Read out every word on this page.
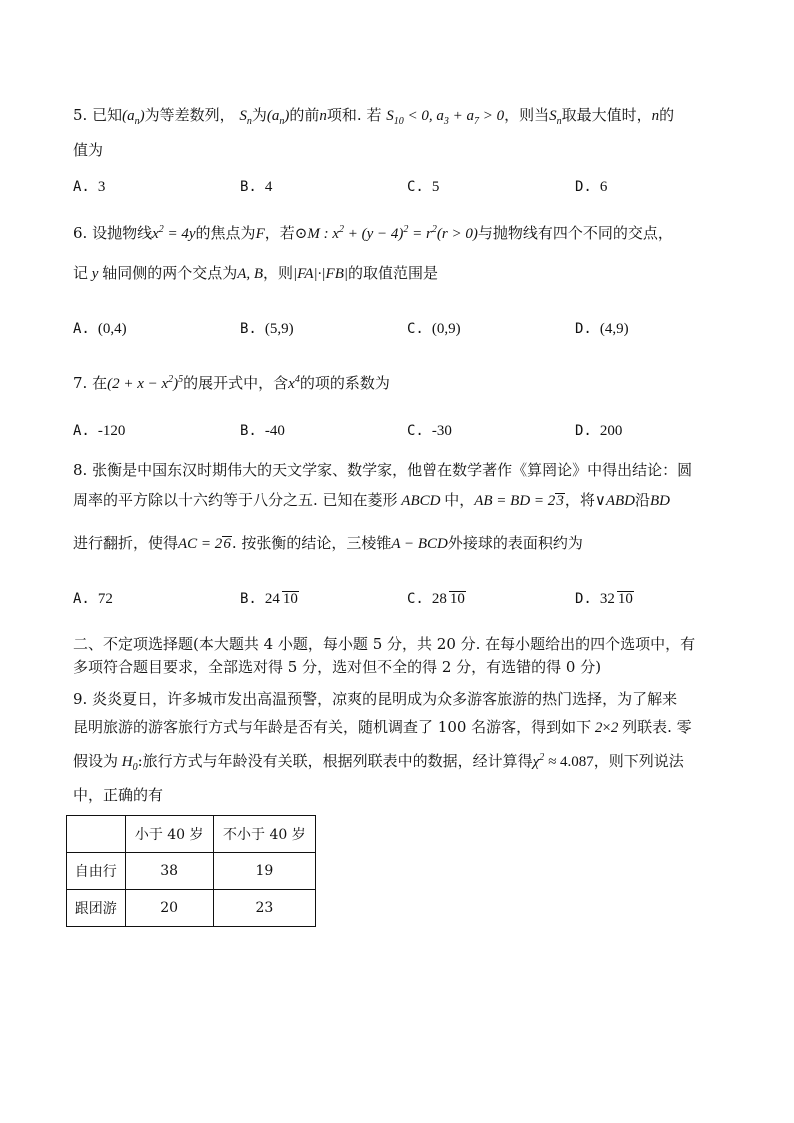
5. 已知$(a_n)$为等差数列， $S_n$为$(a_n)$的前n项和. 若 $S_{10} < 0$, $a_3 + a_7 > 0$，则当$S_n$取最大值时，n的
值为
A. 3	B. 4	C. 5	D. 6
6. 设抛物线$x^2 = 4y$的焦点为F，若⊙M : $x^2 + (y - 4)^2 = r^2(r > 0)$与抛物线有四个不同的交点，
记 y 轴同侧的两个交点为A, B，则|FA|·|FB|的取值范围是
A. (0,4)	B. (5,9)	C. (0,9)	D. (4,9)
7. 在$(2 + x - x^2)^5$的展开式中，含$x^4$的项的系数为
A. -120	B. -40	C. -30	D. 200
8. 张衡是中国东汉时期伟大的天文学家、数学家，他曾在数学著作《算罔论》中得出结论：圆
周率的平方除以十六约等于八分之五. 已知在菱形 ABCD 中，AB = BD = 23，将∨ABD沿BD
进行翻折，使得AC = 26. 按张衡的结论，三棱锥A − BCD外接球的表面积约为
A. 72	B. 24 10	C. 28 10	D. 32 10
二、不定项选择题(本大题共 4 小题，每小题 5 分，共 20 分. 在每小题给出的四个选项中，有
多项符合题目要求，全部选对得 5 分，选对但不全的得 2 分，有选错的得 0 分)
9. 炎炎夏日，许多城市发出高温预警，凉爽的昆明成为众多游客旅游的热门选择，为了解来
昆明旅游的游客旅行方式与年龄是否有关，随机调查了 100 名游客，得到如下 2×2 列联表. 零
假设为 $H_0$:旅行方式与年龄没有关联，根据列联表中的数据，经计算得$\chi^2 \approx 4.087$，则下列说法
中，正确的有
	小于 40 岁	不小于 40 岁
自由行	38	19
跟团游	20	23
